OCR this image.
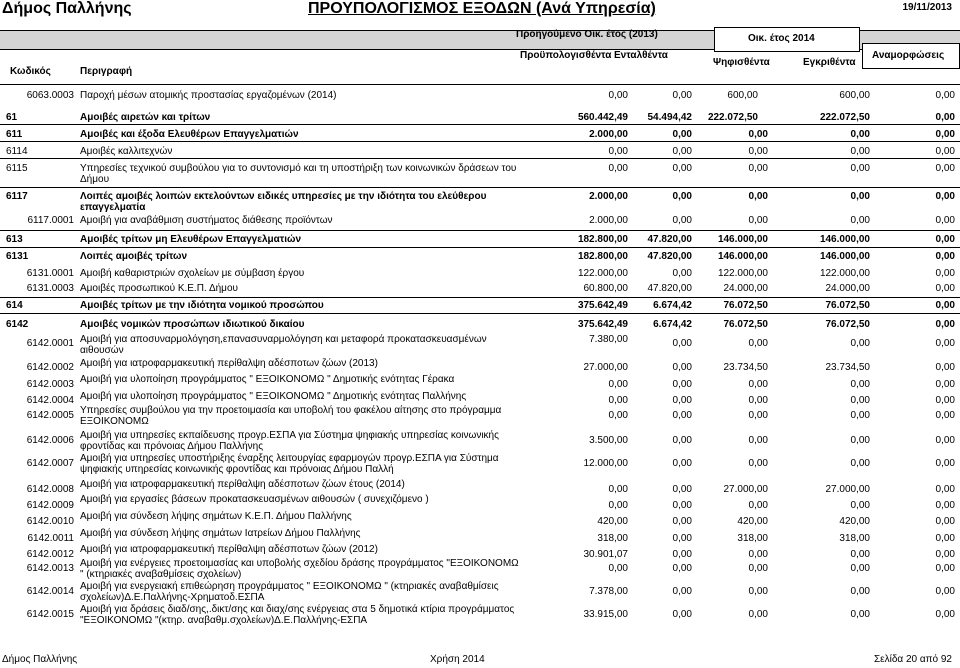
Δήμος Παλλήνης	ΠΡΟΥΠΟΛΟΓΙΣΜΟΣ ΕΞΟΔΩΝ (Ανά Υπηρεσία)	19/11/2013
Προηγούμενο Οικ. έτος (2013)	Οικ. έτος 2014
Κωδικός	Περιγραφή
Προϋπολογισθέντα Ενταλθέντα
Ψηφισθέντα	Εγκριθέντα
Αναμορφώσεις
6063.0003 Παροχή μέσων ατομικής προστασίας εργαζομένων (2014)	0,00	0,00	600,00	600,00	0,00
61	Αμοιβές αιρετών και τρίτων	560.442,49	54.494,42	222.072,50	222.072,50	0,00
611	Αμοιβές και έξοδα Ελευθέρων Επαγγελματιών	2.000,00	0,00	0,00	0,00	0,00
6114	Αμοιβές καλλιτεχνών	0,00	0,00	0,00	0,00	0,00
6115	Υπηρεσίες τεχνικού συμβούλου για το συντονισμό και τη υποστήριξη των κοινωνικών δράσεων του Δήμου
0,00	0,00	0,00	0,00	0,00
6117	Λοιπές αμοιβές λοιπών εκτελούντων ειδικές υπηρεσίες με την ιδιότητα του ελεύθερου επαγγελματία
2.000,00	0,00	0,00	0,00	0,00
6117.0001 Αμοιβή για αναβάθμιση συστήματος διάθεσης προϊόντων	2.000,00	0,00	0,00	0,00	0,00
613	Αμοιβές τρίτων μη Ελευθέρων Επαγγελματιών	182.800,00	47.820,00	146.000,00	146.000,00	0,00
6131	Λοιπές αμοιβές τρίτων	182.800,00	47.820,00	146.000,00	146.000,00	0,00
6131.0001 Αμοιβή καθαριστριών σχολείων με σύμβαση έργου	122.000,00	0,00	122.000,00	122.000,00	0,00
6131.0003 Αμοιβές προσωπικού Κ.Ε.Π. Δήμου	60.800,00	47.820,00	24.000,00	24.000,00	0,00
614	Αμοιβές τρίτων με την ιδιότητα νομικού προσώπου	375.642,49	6.674,42	76.072,50	76.072,50	0,00
6142	Αμοιβές νομικών προσώπων ιδιωτικού δικαίου	375.642,49	6.674,42	76.072,50	76.072,50	0,00
6142.0001 Αμοιβή για αποσυναρμολόγηση,επανασυναρμολόγηση και μεταφορά προκατασκευασμένων αιθουσών
7.380,00	0,00	0,00	0,00	0,00
6142.0002 Αμοιβή για ιατροφαρμακευτική περίθαλψη αδέσποτων ζώων (2013)	27.000,00	0,00	23.734,50	23.734,50	0,00
6142.0003 Αμοιβή για υλοποίηση προγράμματος " ΕΞΟΙΚΟΝΟΜΩ " Δημοτικής ενότητας Γέρακα	0,00	0,00	0,00	0,00	0,00
6142.0004 Αμοιβή για υλοποίηση προγράμματος " ΕΞΟΙΚΟΝΟΜΩ " Δημοτικής ενότητας Παλλήνης	0,00	0,00	0,00	0,00	0,00
6142.0005 Υπηρεσίες συμβούλου για την προετοιμασία και υποβολή του φακέλου αίτησης στο πρόγραμμα ΕΞΟΙΚΟΝΟΜΩ
0,00	0,00	0,00	0,00	0,00
6142.0006 Αμοιβή για υπηρεσίες εκπαίδευσης προγρ.ΕΣΠΑ για Σύστημα ψηφιακής υπηρεσίας κοινωνικής φροντίδας και πρόνοιας Δήμου Παλλήνης
3.500,00	0,00	0,00	0,00	0,00
6142.0007 Αμοιβή για υπηρεσίες υποστήριξης έναρξης λειτουργίας εφαρμογών προγρ.ΕΣΠΑ για Σύστημα ψηφιακής υπηρεσίας κοινωνικής φροντίδας και πρόνοιας Δήμου Παλλή
12.000,00	0,00	0,00	0,00	0,00
6142.0008 Αμοιβή για ιατροφαρμακευτική περίθαλψη αδέσποτων ζώων έτους (2014)	0,00	0,00	27.000,00	27.000,00	0,00
6142.0009
Αμοιβή για εργασίες βάσεων προκατασκευασμένων αιθουσών ( συνεχιζόμενο )
0,00	0,00	0,00	0,00	0,00
6142.0010 Αμοιβή για σύνδεση λήψης σημάτων Κ.Ε.Π. Δήμου Παλλήνης	420,00	0,00	420,00	420,00	0,00
6142.0011 Αμοιβή για σύνδεση λήψης σημάτων Ιατρείων Δήμου Παλλήνης	318,00	0,00	318,00	318,00	0,00
6142.0012 Αμοιβή για ιατροφαρμακευτική περίθαλψη αδέσποτων ζώων (2012)	30.901,07	0,00	0,00	0,00	0,00
6142.0013 Αμοιβή για ενέργειες προετοιμασίας και υποβολής σχεδίου δράσης προγράμματος "ΕΞΟΙΚΟΝΟΜΩ " (κτηριακές αναβαθμίσεις σχολείων)
0,00	0,00	0,00	0,00	0,00
6142.0014 Αμοιβή για ενεργειακή επιθεώρηση προγράμματος " ΕΞΟΙΚΟΝΟΜΩ " (κτηριακές αναβαθμίσεις σχολείων)Δ.Ε.Παλλήνης-Χρηματοδ.ΕΣΠΑ
7.378,00	0,00	0,00	0,00	0,00
6142.0015 Αμοιβή για δράσεις διαδ/σης,.δικτ/σης και διαχ/σης ενέργειας στα 5 δημοτικά κτίρια προγράμματος "ΕΞΟΙΚΟΝΟΜΩ "(κτηρ. αναβαθμ.σχολείων)Δ.Ε.Παλλήνης-ΕΣΠΑ
33.915,00	0,00	0,00	0,00	0,00
Δήμος Παλλήνης	Χρήση 2014	Σελίδα 20 από 92
